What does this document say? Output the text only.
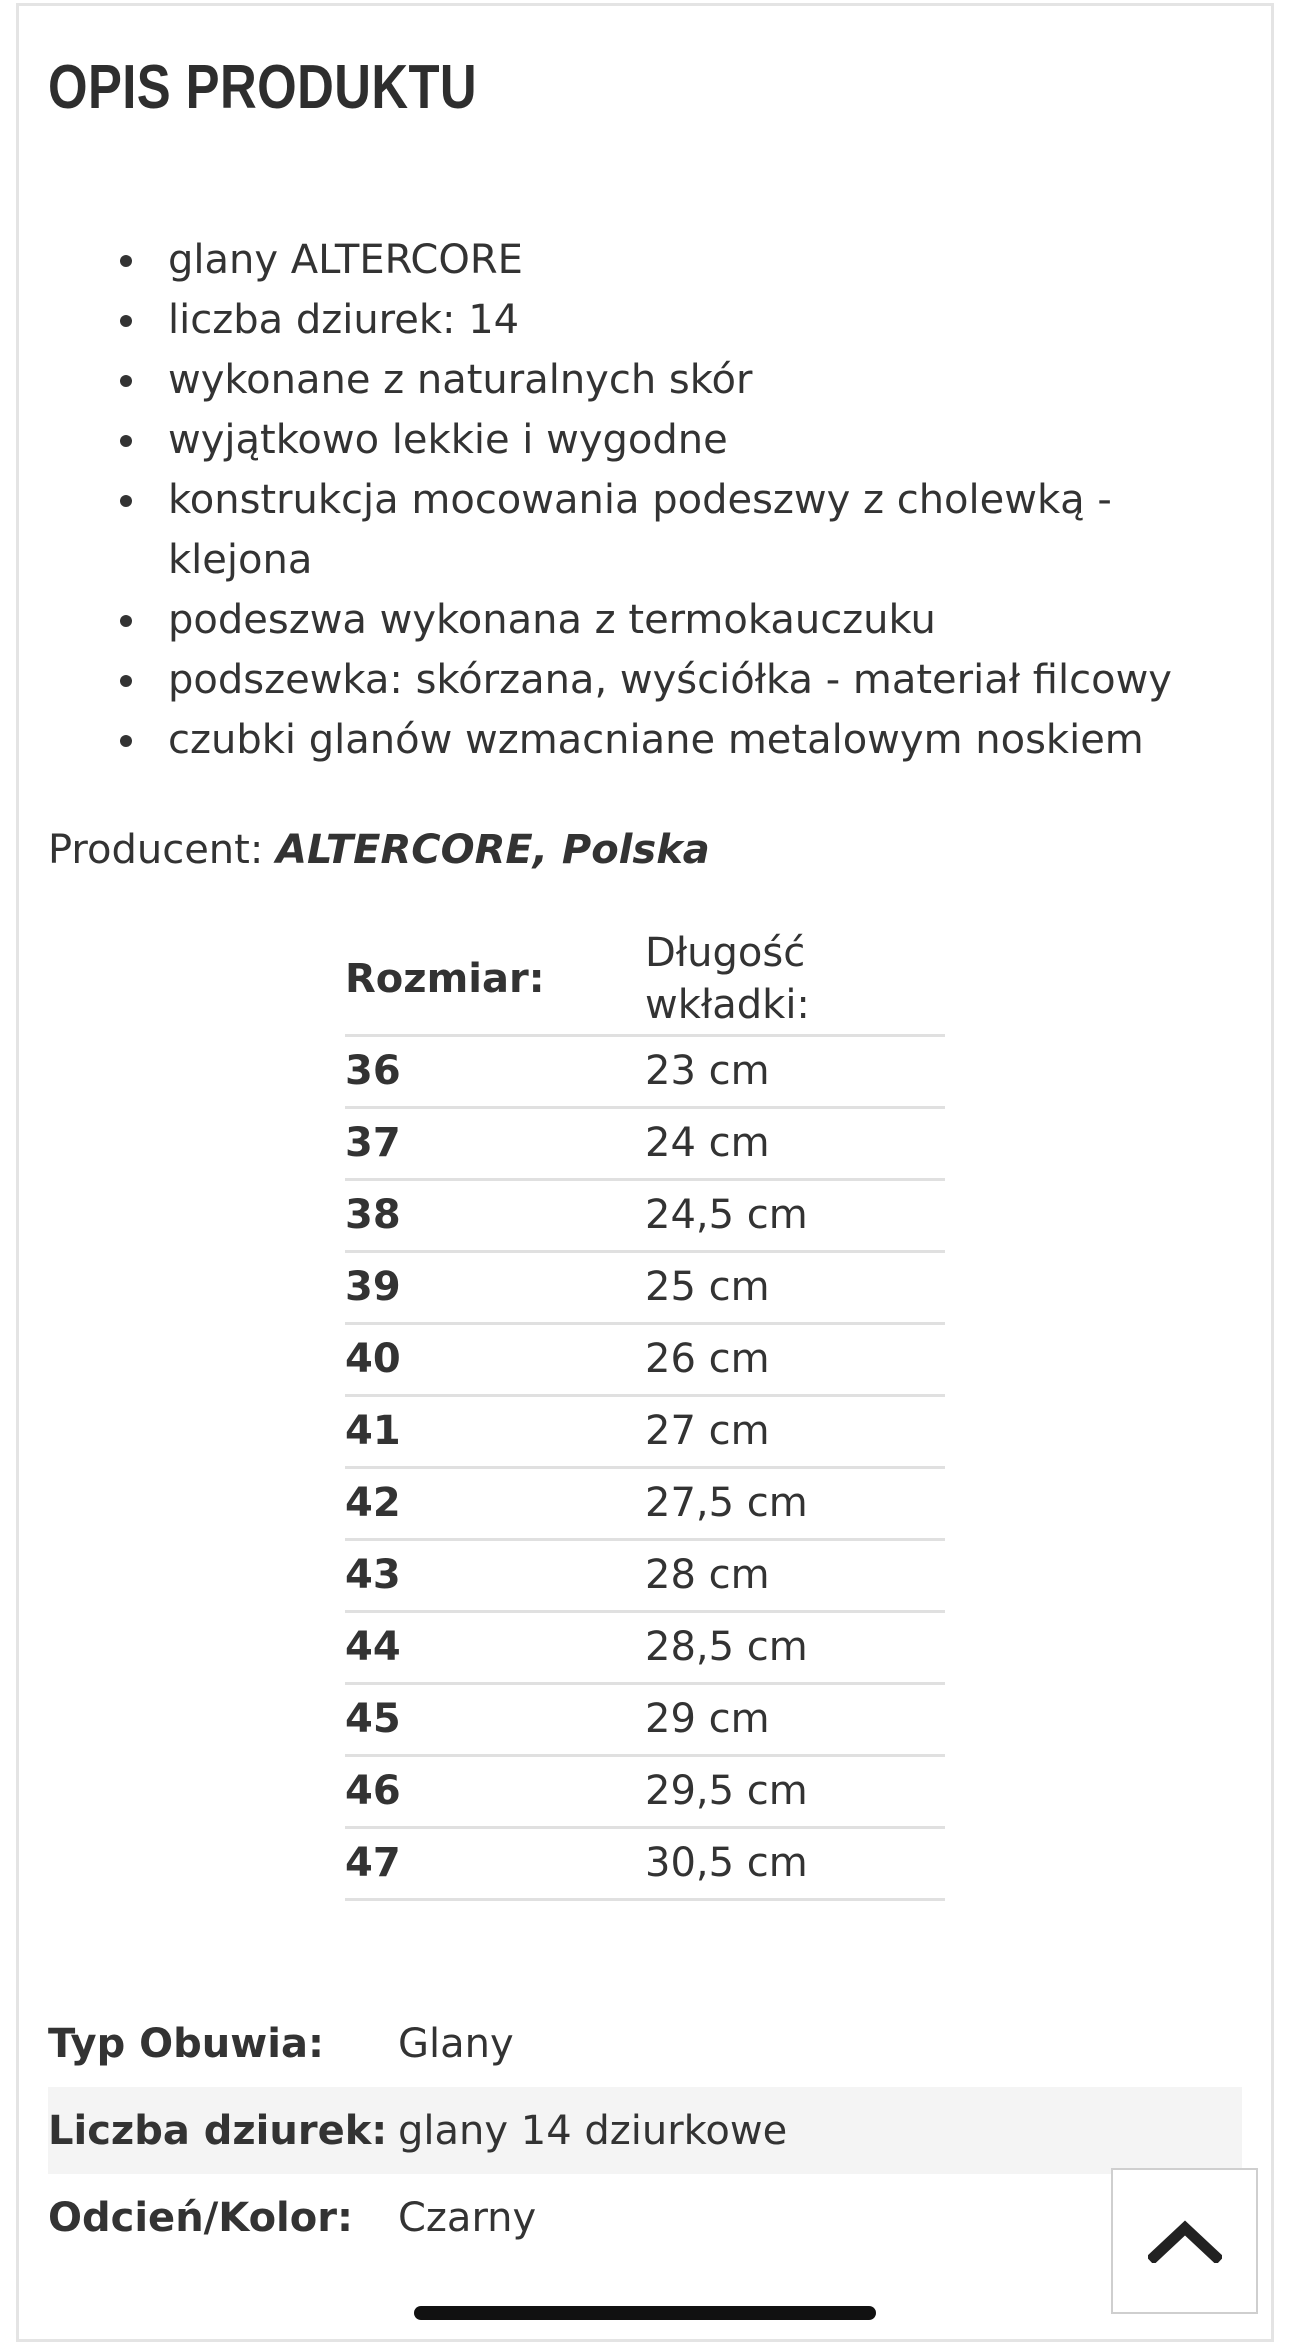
OPIS PRODUKTU
glany ALTERCORE
liczba dziurek: 14
wykonane z naturalnych skór
wyjątkowo lekkie i wygodne
konstrukcja mocowania podeszwy z cholewką - klejona
podeszwa wykonana z termokauczuku
podszewka: skórzana, wyściółka - materiał filcowy
czubki glanów wzmacniane metalowym noskiem
Producent: ALTERCORE, Polska
Rozmiar:	Długość wkładki:
36	23 cm
37	24 cm
38	24,5 cm
39	25 cm
40	26 cm
41	27 cm
42	27,5 cm
43	28 cm
44	28,5 cm
45	29 cm
46	29,5 cm
47	30,5 cm
Typ Obuwia:	Glany
Liczba dziurek:	glany 14 dziurkowe
Odcień/Kolor:	Czarny
